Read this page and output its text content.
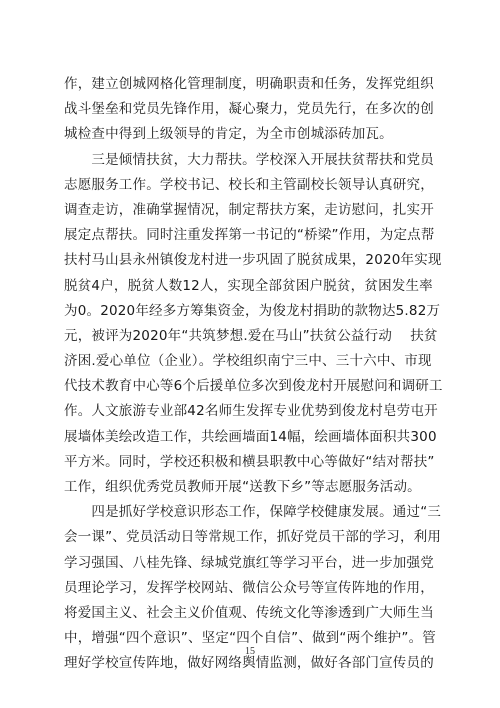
作，建立创城网格化管理制度，明确职责和任务，发挥党组织
战斗堡垒和党员先锋作用，凝心聚力，党员先行，在多次的创
城检查中得到上级领导的肯定，为全市创城添砖加瓦。
　　三是倾情扶贫，大力帮扶。学校深入开展扶贫帮扶和党员
志愿服务工作。学校书记、校长和主管副校长领导认真研究，
调查走访，准确掌握情况，制定帮扶方案，走访慰问，扎实开
展定点帮扶。同时注重发挥第一书记的“桥梁”作用，为定点帮
扶村马山县永州镇俊龙村进一步巩固了脱贫成果，2020年实现
脱贫4户，脱贫人数12人，实现全部贫困户脱贫，贫困发生率
为0。2020年经多方筹集资金，为俊龙村捐助的款物达5.82万
元，被评为2020年“共筑梦想.爱在马山”扶贫公益行动　 扶贫
济困.爱心单位（企业）。学校组织南宁三中、三十六中、市现
代技术教育中心等6个后援单位多次到俊龙村开展慰问和调研工
作。人文旅游专业部42名师生发挥专业优势到俊龙村皂劳屯开
展墙体美绘改造工作，共绘画墙面14幅，绘画墙体面积共300
平方米。同时，学校还积极和横县职教中心等做好“结对帮扶”
工作，组织优秀党员教师开展“送教下乡”等志愿服务活动。
　　四是抓好学校意识形态工作，保障学校健康发展。通过“三
会一课”、党员活动日等常规工作，抓好党员干部的学习，利用
学习强国、八桂先锋、绿城党旗红等学习平台，进一步加强党
员理论学习，发挥学校网站、微信公众号等宣传阵地的作用，
将爱国主义、社会主义价值观、传统文化等渗透到广大师生当
中，增强“四个意识”、坚定“四个自信”、做到“两个维护”。管
理好学校宣传阵地，做好网络舆情监测，做好各部门宣传员的
15
